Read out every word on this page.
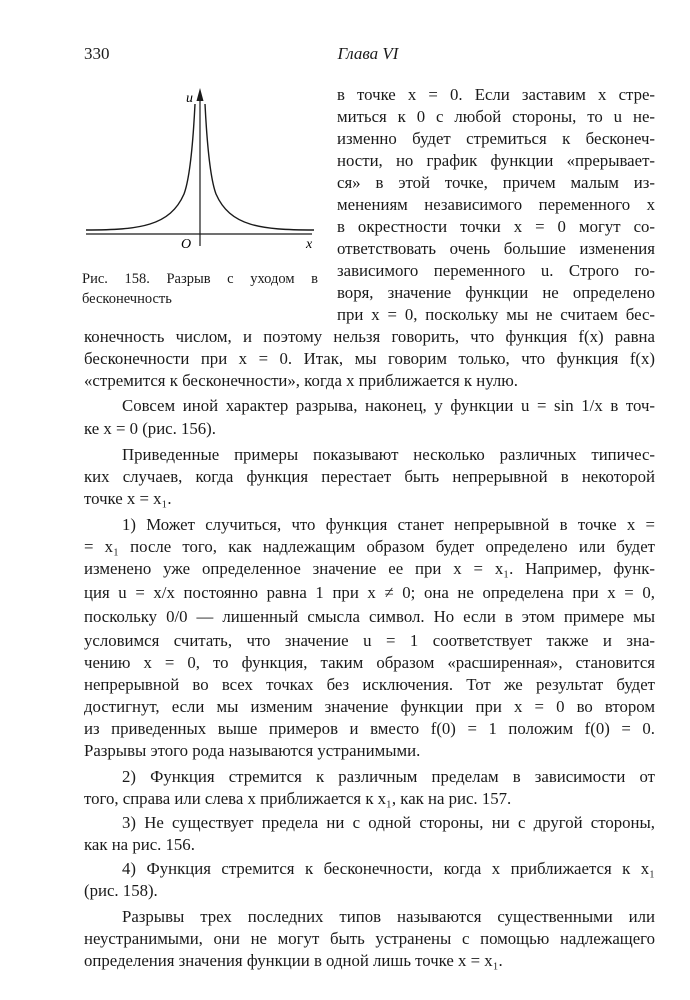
330	Глава VI
u
O	x
Рис. 158. Разрыв с уходом в бесконечность
в точке x = 0. Если заставим x стре-
миться к 0 с любой стороны, то u не-
изменно будет стремиться к бесконеч-
ности, но график функции «прерывает-
ся» в этой точке, причем малым из-
менениям независимого переменного x
в окрестности точки x = 0 могут со-
ответствовать очень большие изменения
зависимого переменного u. Строго го-
воря, значение функции не определено
при x = 0, поскольку мы не считаем бес-
конечность числом, и поэтому нельзя говорить, что функция f(x) равна
бесконечности при x = 0. Итак, мы говорим только, что функция f(x)
«стремится к бесконечности», когда x приближается к нулю.
Совсем иной характер разрыва, наконец, у функции u = sin 1/x в точ-
ке x = 0 (рис. 156).
Приведенные примеры показывают несколько различных типичес-
ких случаев, когда функция перестает быть непрерывной в некоторой
точке x = x₁.
1) Может случиться, что функция станет непрерывной в точке x =
= x₁ после того, как надлежащим образом будет определено или будет
изменено уже определенное значение ее при x = x₁. Например, функ-
ция u = x/x постоянно равна 1 при x ≠ 0; она не определена при x = 0,
поскольку 0/0 — лишенный смысла символ. Но если в этом примере мы
условимся считать, что значение u = 1 соответствует также и зна-
чению x = 0, то функция, таким образом «расширенная», становится
непрерывной во всех точках без исключения. Тот же результат будет
достигнут, если мы изменим значение функции при x = 0 во втором
из приведенных выше примеров и вместо f(0) = 1 положим f(0) = 0.
Разрывы этого рода называются устранимыми.
2) Функция стремится к различным пределам в зависимости от
того, справа или слева x приближается к x₁, как на рис. 157.
3) Не существует предела ни с одной стороны, ни с другой стороны,
как на рис. 156.
4) Функция стремится к бесконечности, когда x приближается к x₁
(рис. 158).
Разрывы трех последних типов называются существенными или
неустранимыми, они не могут быть устранены с помощью надлежащего
определения значения функции в одной лишь точке x = x₁.
